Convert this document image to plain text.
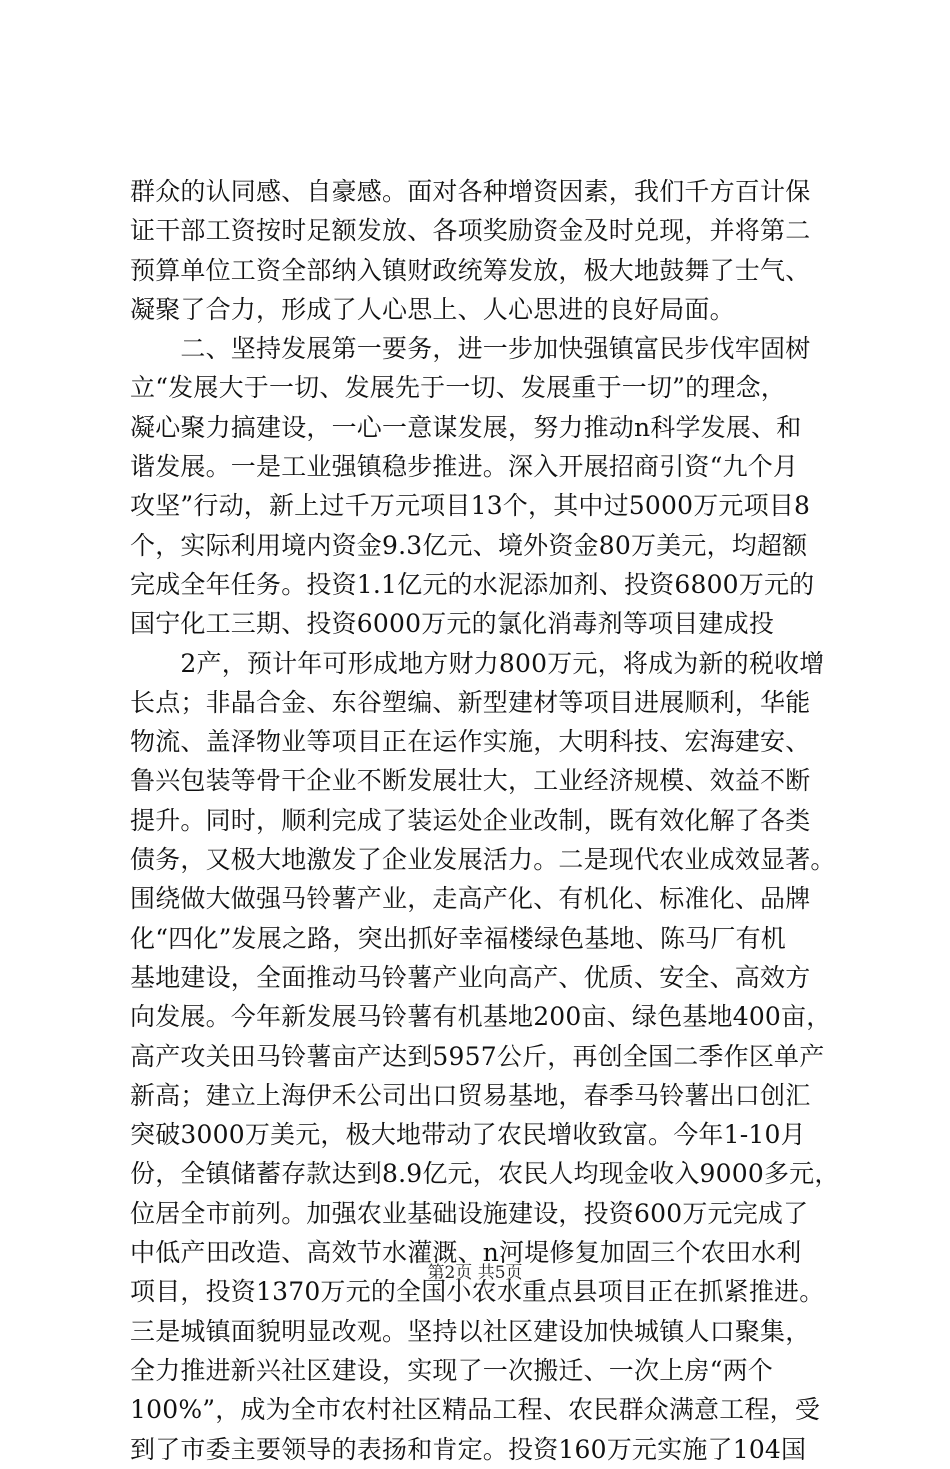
群众的认同感、自豪感。面对各种增资因素，我们千方百计保
证干部工资按时足额发放、各项奖励资金及时兑现，并将第二
预算单位工资全部纳入镇财政统筹发放，极大地鼓舞了士气、
凝聚了合力，形成了人心思上、人心思进的良好局面。
　　二、坚持发展第一要务，进一步加快强镇富民步伐牢固树
立“发展大于一切、发展先于一切、发展重于一切”的理念，
凝心聚力搞建设，一心一意谋发展，努力推动n科学发展、和
谐发展。一是工业强镇稳步推进。深入开展招商引资“九个月
攻坚”行动，新上过千万元项目13个，其中过5000万元项目8
个，实际利用境内资金9.3亿元、境外资金80万美元，均超额
完成全年任务。投资1.1亿元的水泥添加剂、投资6800万元的
国宁化工三期、投资6000万元的氯化消毒剂等项目建成投
　　2产，预计年可形成地方财力800万元，将成为新的税收增
长点；非晶合金、东谷塑编、新型建材等项目进展顺利，华能
物流、盖泽物业等项目正在运作实施，大明科技、宏海建安、
鲁兴包装等骨干企业不断发展壮大，工业经济规模、效益不断
提升。同时，顺利完成了装运处企业改制，既有效化解了各类
债务，又极大地激发了企业发展活力。二是现代农业成效显著。
围绕做大做强马铃薯产业，走高产化、有机化、标准化、品牌
化“四化”发展之路，突出抓好幸福楼绿色基地、陈马厂有机
基地建设，全面推动马铃薯产业向高产、优质、安全、高效方
向发展。今年新发展马铃薯有机基地200亩、绿色基地400亩，
高产攻关田马铃薯亩产达到5957公斤，再创全国二季作区单产
新高；建立上海伊禾公司出口贸易基地，春季马铃薯出口创汇
突破3000万美元，极大地带动了农民增收致富。今年1-10月
份，全镇储蓄存款达到8.9亿元，农民人均现金收入9000多元，
位居全市前列。加强农业基础设施建设，投资600万元完成了
中低产田改造、高效节水灌溉、n河堤修复加固三个农田水利
项目，投资1370万元的全国小农水重点县项目正在抓紧推进。
三是城镇面貌明显改观。坚持以社区建设加快城镇人口聚集，
全力推进新兴社区建设，实现了一次搬迁、一次上房“两个
100%”，成为全市农村社区精品工程、农民群众满意工程，受
到了市委主要领导的表扬和肯定。投资160万元实施了104国
第2页 共5页
